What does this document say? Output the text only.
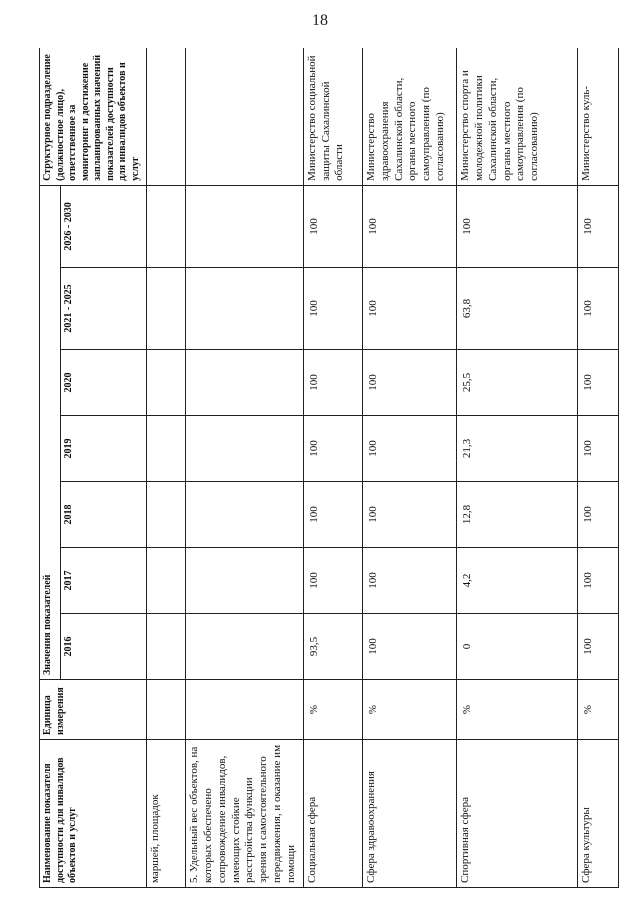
18
Наименование показателя доступности для инвалидов объектов и услуг	Единица измерения	Значения показателей							Структурное подразделение (должностное лицо), ответственное за мониторинг и достижение запланированных значений показателей доступности для инвалидов объектов и услуг
		2016	2017	2018	2019	2020	2021 - 2025	2026 - 2030	
маршей, площадок									
5. Удельный вес объектов, на которых обеспечено сопровождение инвалидов, имеющих стойкие расстройства функции зрения и самостоятельного передвижения, и оказание им помощи									
Социальная сфера	%	93,5	100	100	100	100	100	100	Министерство социальной защиты Сахалинской области
Сфера здравоохранения	%	100	100	100	100	100	100	100	Министерство здравоохранения Сахалинской области, органы местного самоуправления (по согласованию)
Спортивная сфера	%	0	4,2	12,8	21,3	25,5	63,8	100	Министерство спорта и молодежной политики Сахалинской области, органы местного самоуправления (по согласованию)
Сфера культуры	%	100	100	100	100	100	100	100	Министерство куль-
